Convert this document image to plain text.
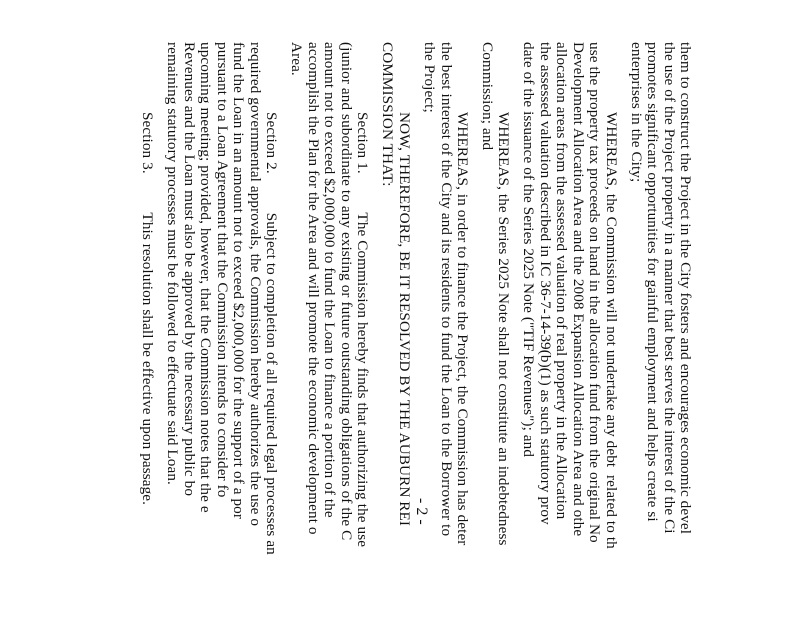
them to construct the Project in the City fosters and encourages economic devel
the use of the Project property in a manner that best serves the interest of the Ci
promotes significant opportunities for gainful employment and helps create si
enterprises in the City;
WHEREAS, the Commission will not undertake any debt  related to th
use the property tax proceeds on hand in the allocation fund from the original No
Development Allocation Area and the 2008 Expansion Allocation Area and othe
allocation areas from the assessed valuation of real property in the Allocation
the assessed valuation described in IC 36-7-14-39(b)(1) as such statutory prov
date of the issuance of the Series 2025 Note ("TIF Revenues"); and
WHEREAS, the Series 2025 Note shall not constitute an indebtedness
Commission; and
WHEREAS, in order to finance the Project, the Commission has deter
the best interest of the City and its residents to fund the Loan to the Borrower to
the Project;
NOW, THEREFORE, BE IT RESOLVED BY THE AUBURN REI
COMMISSION THAT:
Section 1.          The Commission hereby finds that authorizing the use
(junior and subordinate to any existing or future outstanding obligations of the C
amount not to exceed $2,000,000 to fund the Loan to finance a portion of the
accomplish the Plan for the Area and will promote the economic development o
Area.
Section 2.          Subject to completion of all required legal processes an
required governmental approvals, the Commission hereby authorizes the use o
fund the Loan in an amount not to exceed $2,000,000 for the support of a por
pursuant to a Loan Agreement that the Commission intends to consider fo
upcoming meeting; provided, however, that the Commission notes that the e
Revenues and the Loan must also be approved by the necessary public bo
remaining statutory processes must be followed to effectuate said Loan.
Section 3.          This resolution shall be effective upon passage.
- 2 -
